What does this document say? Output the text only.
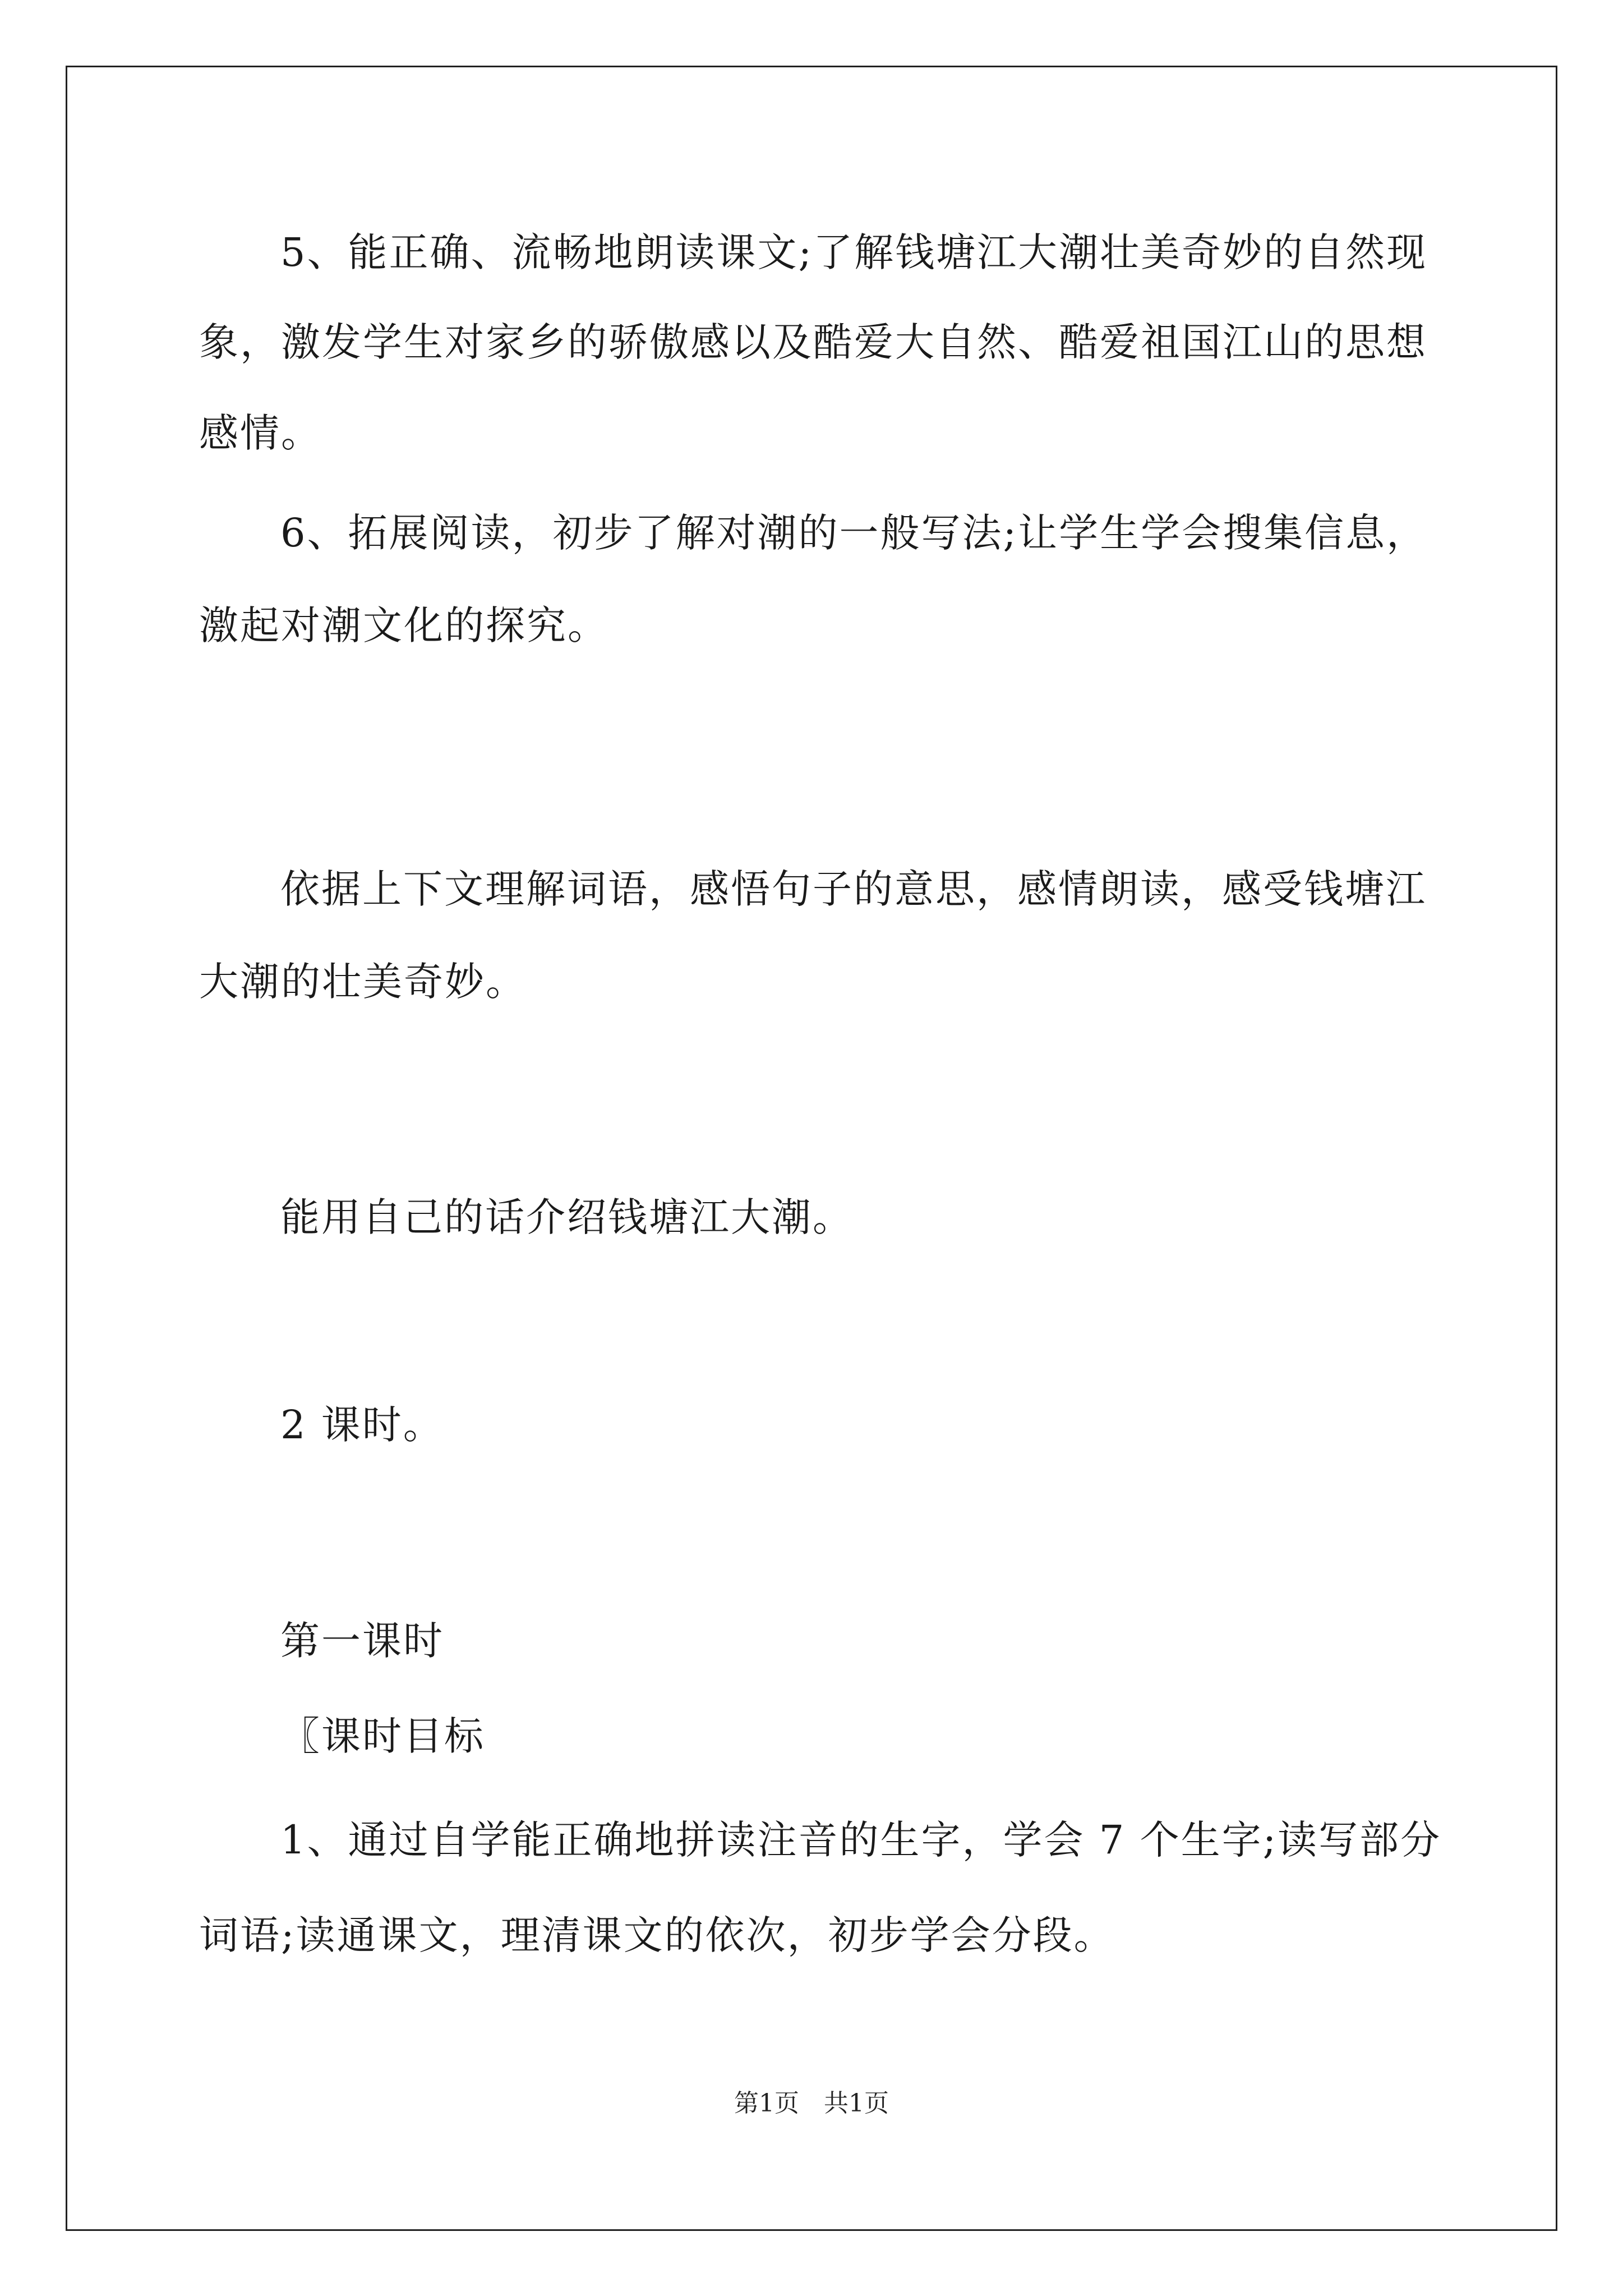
5、能正确、流畅地朗读课文;了解钱塘江大潮壮美奇妙的自然现
象，激发学生对家乡的骄傲感以及酷爱大自然、酷爱祖国江山的思想
感情。
6、拓展阅读，初步了解对潮的一般写法;让学生学会搜集信息，
激起对潮文化的探究。
依据上下文理解词语，感悟句子的意思，感情朗读，感受钱塘江
大潮的壮美奇妙。
能用自己的话介绍钱塘江大潮。
2 课时。
第一课时
〖课时目标
1、通过自学能正确地拼读注音的生字，学会 7 个生字;读写部分
词语;读通课文，理清课文的依次，初步学会分段。
第1页　共1页
